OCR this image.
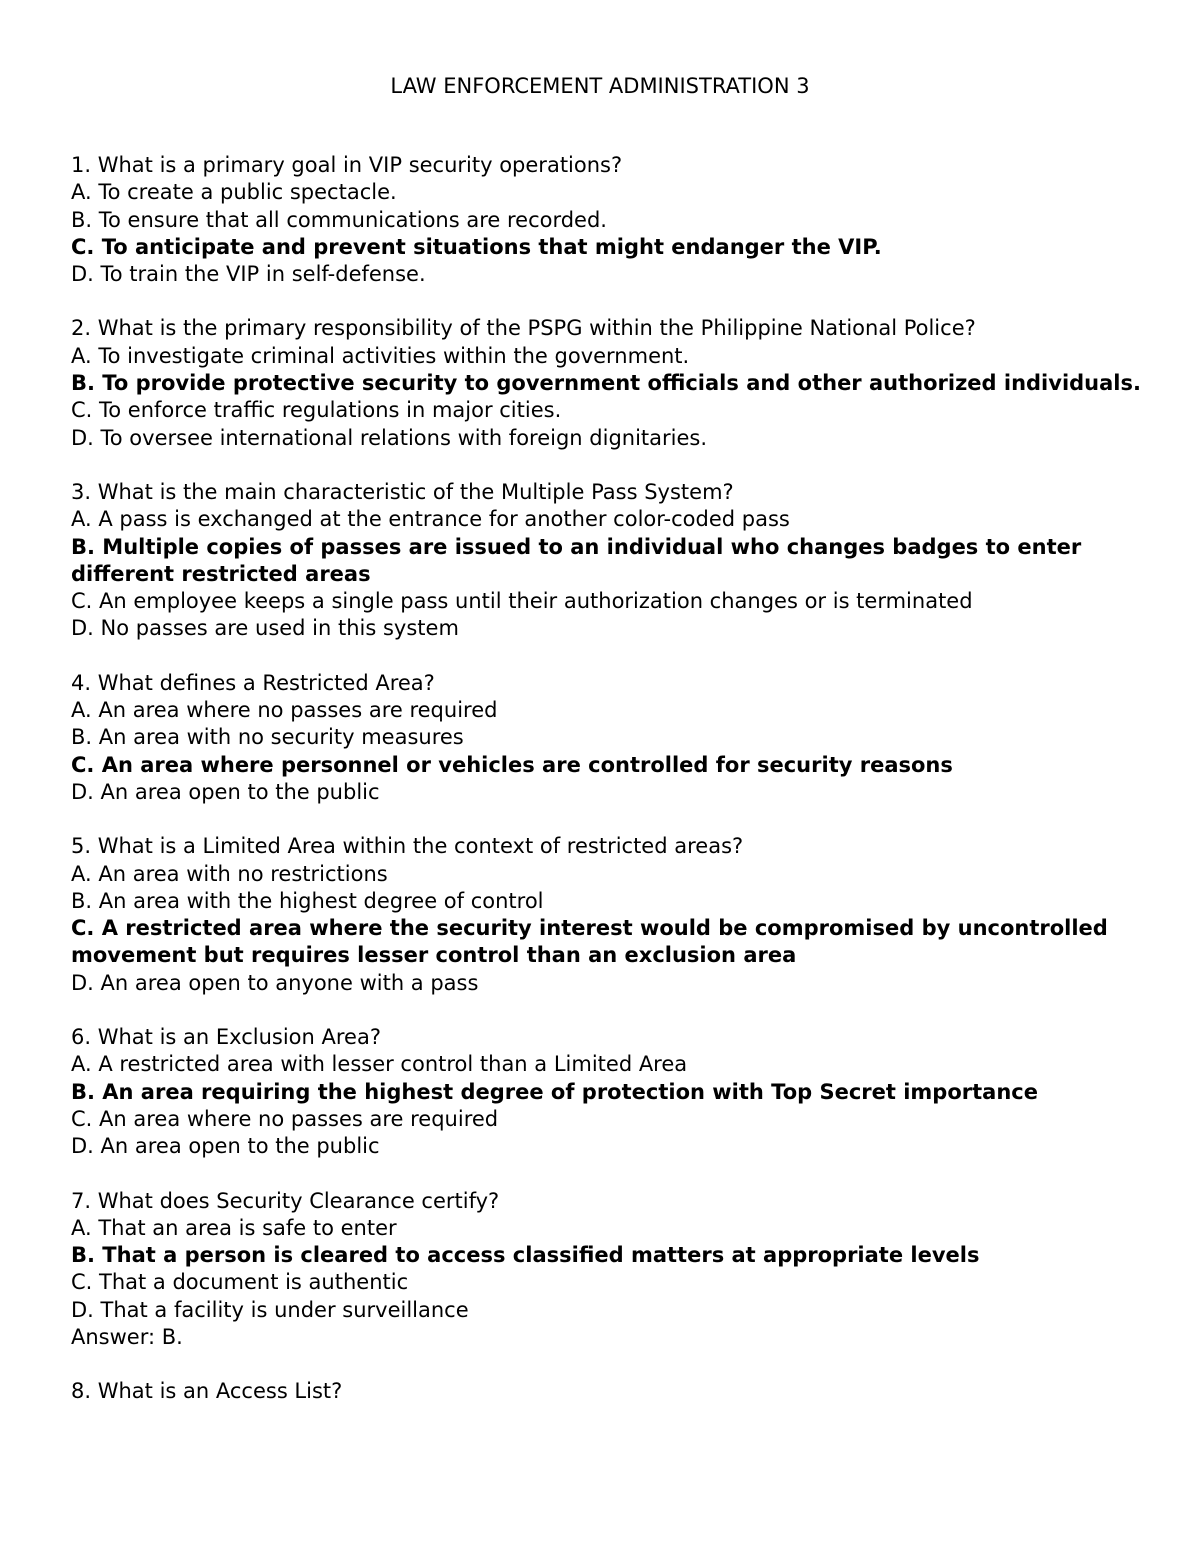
LAW ENFORCEMENT ADMINISTRATION 3
1. What is a primary goal in VIP security operations?
A. To create a public spectacle.
B. To ensure that all communications are recorded.
C. To anticipate and prevent situations that might endanger the VIP.
D. To train the VIP in self-defense.
2. What is the primary responsibility of the PSPG within the Philippine National Police?
A. To investigate criminal activities within the government.
B. To provide protective security to government officials and other authorized individuals.
C. To enforce traffic regulations in major cities.
D. To oversee international relations with foreign dignitaries.
3. What is the main characteristic of the Multiple Pass System?
A. A pass is exchanged at the entrance for another color-coded pass
B. Multiple copies of passes are issued to an individual who changes badges to enter different restricted areas
C. An employee keeps a single pass until their authorization changes or is terminated
D. No passes are used in this system
4. What defines a Restricted Area?
A. An area where no passes are required
B. An area with no security measures
C. An area where personnel or vehicles are controlled for security reasons
D. An area open to the public
5. What is a Limited Area within the context of restricted areas?
A. An area with no restrictions
B. An area with the highest degree of control
C. A restricted area where the security interest would be compromised by uncontrolled movement but requires lesser control than an exclusion area
D. An area open to anyone with a pass
6. What is an Exclusion Area?
A. A restricted area with lesser control than a Limited Area
B. An area requiring the highest degree of protection with Top Secret importance
C. An area where no passes are required
D. An area open to the public
7. What does Security Clearance certify?
A. That an area is safe to enter
B. That a person is cleared to access classified matters at appropriate levels
C. That a document is authentic
D. That a facility is under surveillance
Answer: B.
8. What is an Access List?
